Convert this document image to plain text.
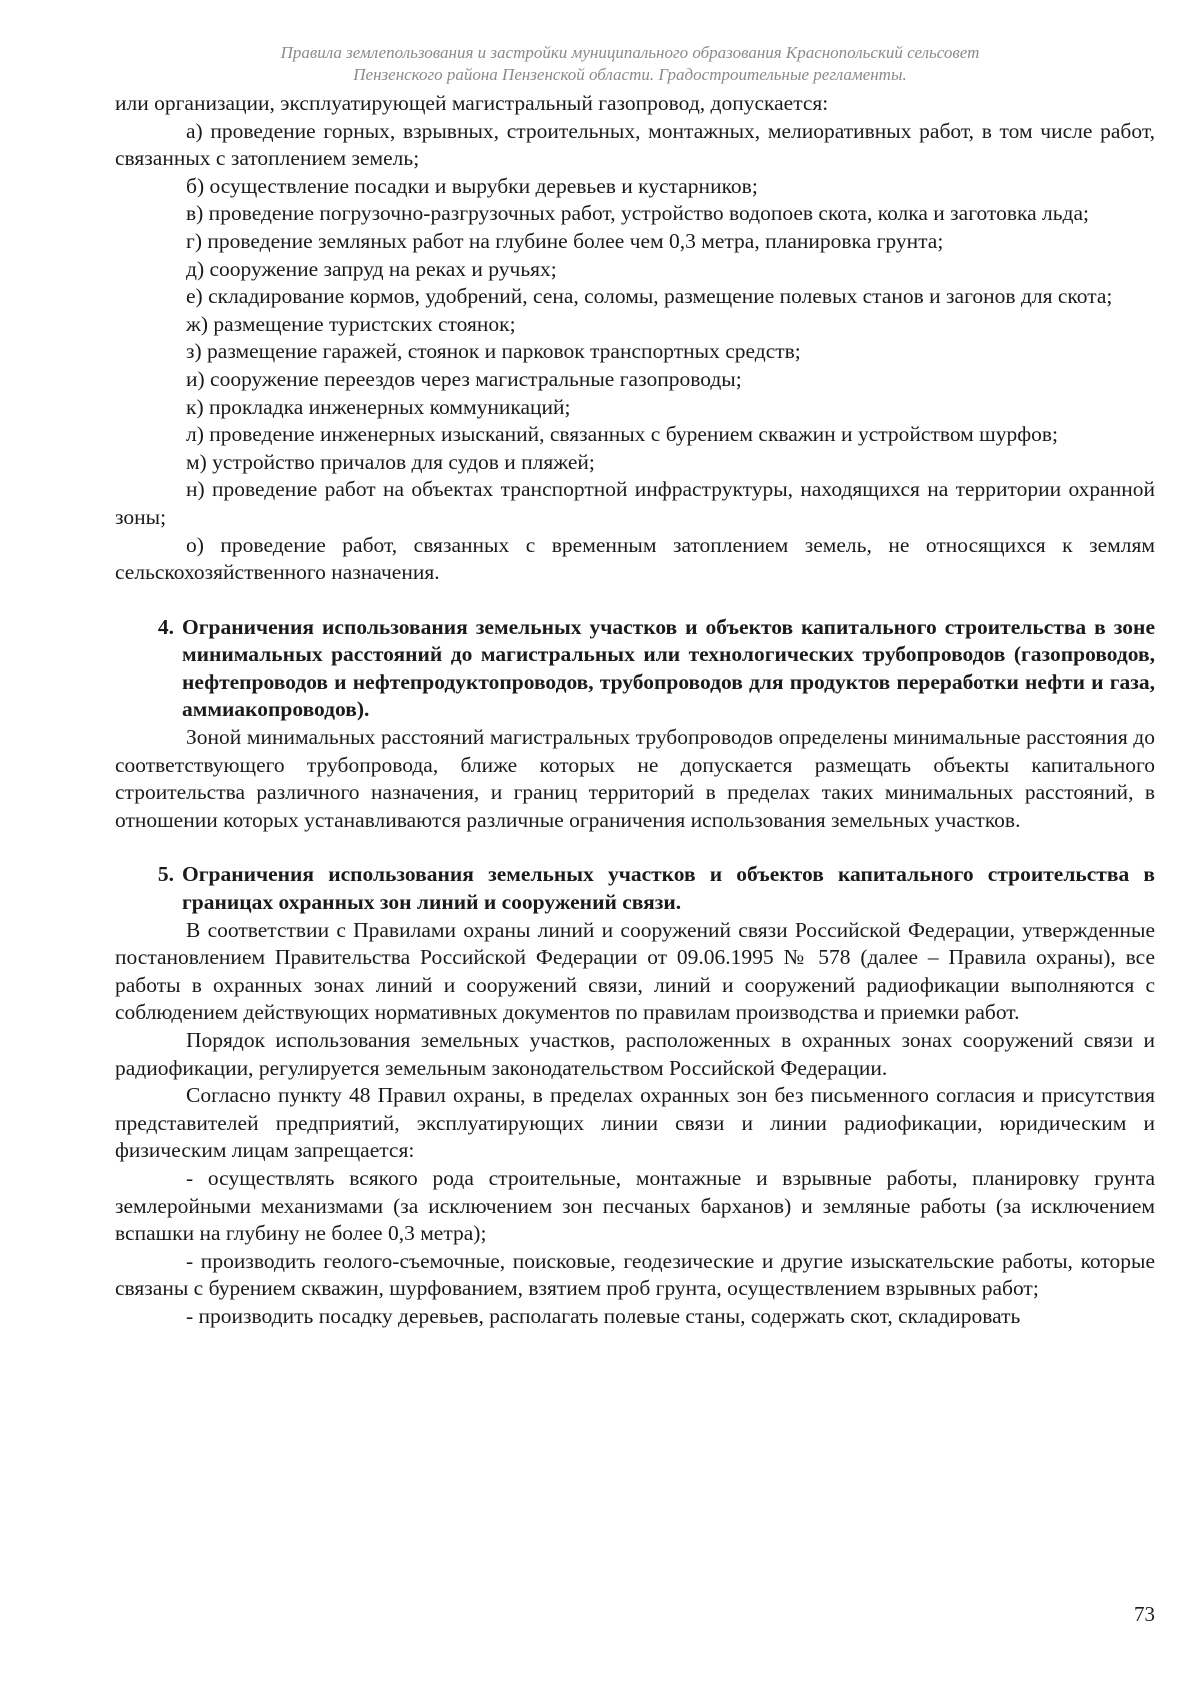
Правила землепользования и застройки муниципального образования Краснопольский сельсовет
Пензенского района Пензенской области. Градостроительные регламенты.

или организации, эксплуатирующей магистральный газопровод, допускается:

а) проведение горных, взрывных, строительных, монтажных, мелиоративных работ, в том числе работ, связанных с затоплением земель;

б) осуществление посадки и вырубки деревьев и кустарников;

в) проведение погрузочно-разгрузочных работ, устройство водопоев скота, колка и заготовка льда;

г) проведение земляных работ на глубине более чем 0,3 метра, планировка грунта;

д) сооружение запруд на реках и ручьях;

е) складирование кормов, удобрений, сена, соломы, размещение полевых станов и загонов для скота;

ж) размещение туристских стоянок;

з) размещение гаражей, стоянок и парковок транспортных средств;

и) сооружение переездов через магистральные газопроводы;

к) прокладка инженерных коммуникаций;

л) проведение инженерных изысканий, связанных с бурением скважин и устройством шурфов;

м) устройство причалов для судов и пляжей;

н) проведение работ на объектах транспортной инфраструктуры, находящихся на территории охранной зоны;

о) проведение работ, связанных с временным затоплением земель, не относящихся к землям сельскохозяйственного назначения.

4. Ограничения использования земельных участков и объектов капитального строительства в зоне минимальных расстояний до магистральных или технологических трубопроводов (газопроводов, нефтепроводов и нефтепродуктопроводов, трубопроводов для продуктов переработки нефти и газа, аммиакопроводов).

Зоной минимальных расстояний магистральных трубопроводов определены минимальные расстояния до соответствующего трубопровода, ближе которых не допускается размещать объекты капитального строительства различного назначения, и границ территорий в пределах таких минимальных расстояний, в отношении которых устанавливаются различные ограничения использования земельных участков.

5. Ограничения использования земельных участков и объектов капитального строительства в границах охранных зон линий и сооружений связи.

В соответствии с Правилами охраны линий и сооружений связи Российской Федерации, утвержденные постановлением Правительства Российской Федерации от 09.06.1995 № 578 (далее – Правила охраны), все работы в охранных зонах линий и сооружений связи, линий и сооружений радиофикации выполняются с соблюдением действующих нормативных документов по правилам производства и приемки работ.

Порядок использования земельных участков, расположенных в охранных зонах сооружений связи и радиофикации, регулируется земельным законодательством Российской Федерации.

Согласно пункту 48 Правил охраны, в пределах охранных зон без письменного согласия и присутствия представителей предприятий, эксплуатирующих линии связи и линии радиофикации, юридическим и физическим лицам запрещается:

- осуществлять всякого рода строительные, монтажные и взрывные работы, планировку грунта землеройными механизмами (за исключением зон песчаных барханов) и земляные работы (за исключением вспашки на глубину не более 0,3 метра);

- производить геолого-съемочные, поисковые, геодезические и другие изыскательские работы, которые связаны с бурением скважин, шурфованием, взятием проб грунта, осуществлением взрывных работ;

- производить посадку деревьев, располагать полевые станы, содержать скот, складировать

73
